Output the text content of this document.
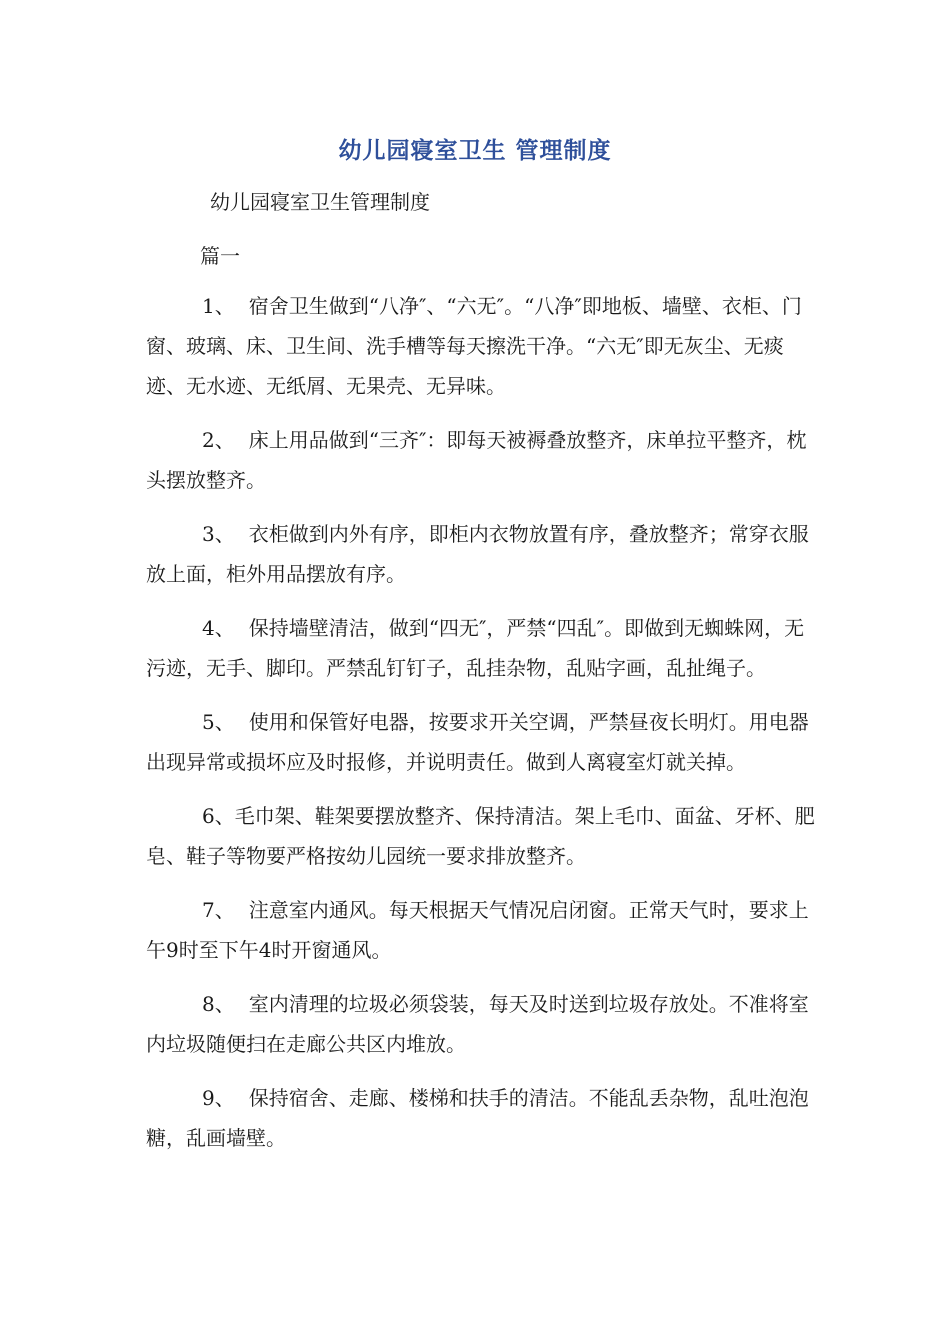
幼儿园寝室卫生 管理制度

幼儿园寝室卫生管理制度

篇一

1、 宿舍卫生做到“八净″、“六无″。“八净″即地板、墙壁、衣柜、门窗、玻璃、床、卫生间、洗手槽等每天擦洗干净。“六无″即无灰尘、无痰迹、无水迹、无纸屑、无果壳、无异味。

2、 床上用品做到“三齐″：即每天被褥叠放整齐，床单拉平整齐，枕头摆放整齐。

3、 衣柜做到内外有序，即柜内衣物放置有序，叠放整齐；常穿衣服放上面，柜外用品摆放有序。

4、 保持墙壁清洁，做到“四无″，严禁“四乱″。即做到无蜘蛛网，无污迹，无手、脚印。严禁乱钉钉子，乱挂杂物，乱贴字画，乱扯绳子。

5、 使用和保管好电器，按要求开关空调，严禁昼夜长明灯。用电器出现异常或损坏应及时报修，并说明责任。做到人离寝室灯就关掉。

6、毛巾架、鞋架要摆放整齐、保持清洁。架上毛巾、面盆、牙杯、肥皂、鞋子等物要严格按幼儿园统一要求排放整齐。

7、 注意室内通风。每天根据天气情况启闭窗。正常天气时，要求上午9时至下午4时开窗通风。

8、 室内清理的垃圾必须袋装，每天及时送到垃圾存放处。不准将室内垃圾随便扫在走廊公共区内堆放。

9、 保持宿舍、走廊、楼梯和扶手的清洁。不能乱丢杂物，乱吐泡泡糖，乱画墙壁。
